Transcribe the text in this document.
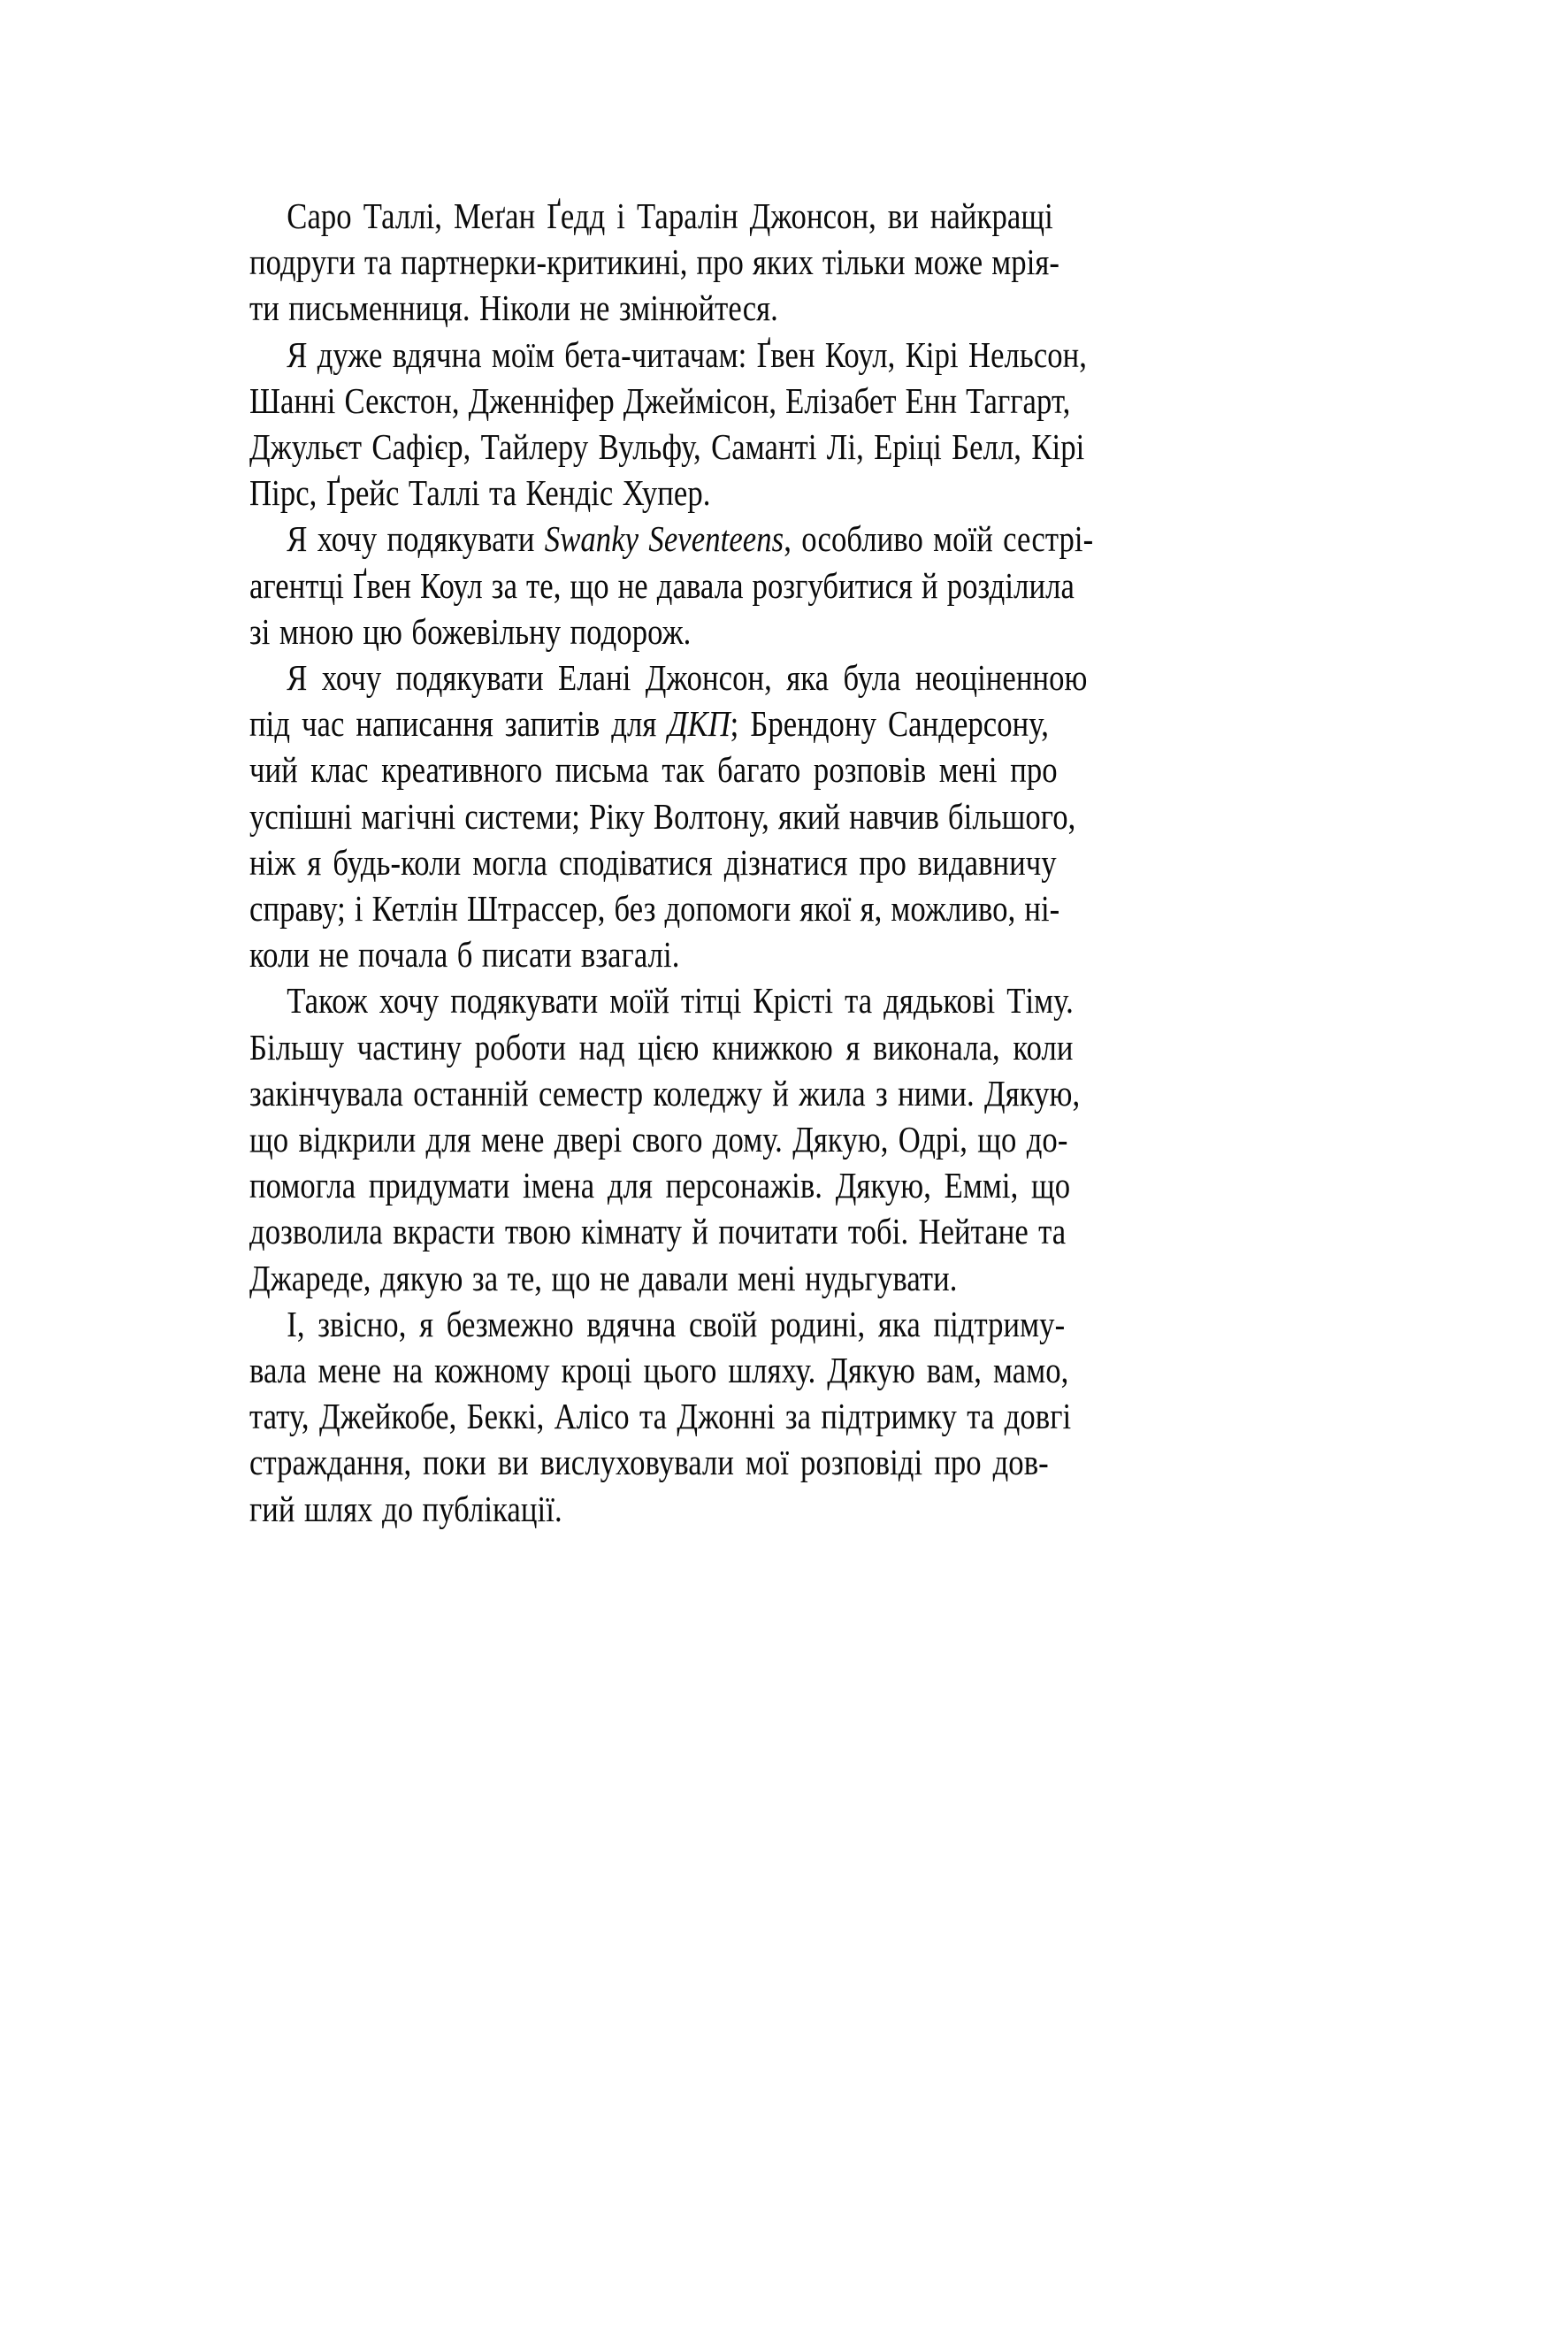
Саро Таллі, Меґан Ґедд і Таралін Джонсон, ви найкращі
подруги та партнерки-критикині, про яких тільки може мрія-
ти письменниця. Ніколи не змінюйтеся.

Я дуже вдячна моїм бета-читачам: Ґвен Коул, Кірі Нельсон,
Шанні Секстон, Дженніфер Джеймісон, Елізабет Енн Таггарт,
Джульєт Сафієр, Тайлеру Вульфу, Саманті Лі, Еріці Белл, Кірі
Пірс, Ґрейс Таллі та Кендіс Хупер.

Я хочу подякувати Swanky Seventeens, особливо моїй сестрі-
агентці Ґвен Коул за те, що не давала розгубитися й розділила
зі мною цю божевільну подорож.

Я хочу подякувати Елані Джонсон, яка була неоціненною
під час написання запитів для ДКП; Брендону Сандерсону,
чий клас креативного письма так багато розповів мені про
успішні магічні системи; Ріку Волтону, який навчив більшого,
ніж я будь-коли могла сподіватися дізнатися про видавничу
справу; і Кетлін Штрассер, без допомоги якої я, можливо, ні-
коли не почала б писати взагалі.

Також хочу подякувати моїй тітці Крісті та дядькові Тіму.
Більшу частину роботи над цією книжкою я виконала, коли
закінчувала останній семестр коледжу й жила з ними. Дякую,
що відкрили для мене двері свого дому. Дякую, Одрі, що до-
помогла придумати імена для персонажів. Дякую, Еммі, що
дозволила вкрасти твою кімнату й почитати тобі. Нейтане та
Джареде, дякую за те, що не давали мені нудьгувати.

І, звісно, я безмежно вдячна своїй родині, яка підтриму-
вала мене на кожному кроці цього шляху. Дякую вам, мамо,
тату, Джейкобе, Беккі, Алісо та Джонні за підтримку та довгі
страждання, поки ви вислуховували мої розповіді про дов-
гий шлях до публікації.
